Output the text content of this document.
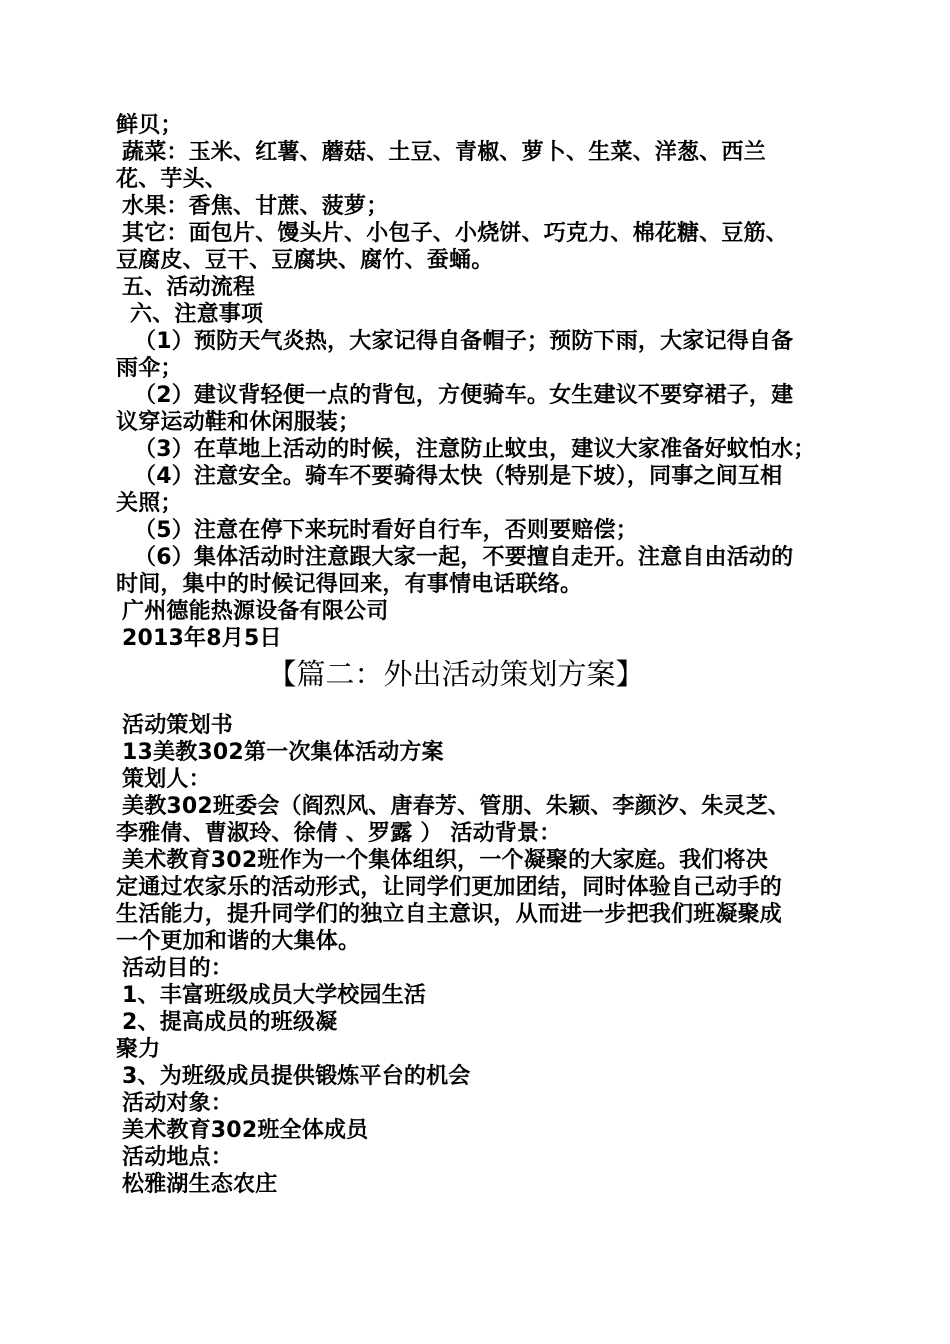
鲜贝；
蔬菜：玉米、红薯、蘑菇、土豆、青椒、萝卜、生菜、洋葱、西兰
花、芋头、
水果：香焦、甘蔗、菠萝；
其它：面包片、馒头片、小包子、小烧饼、巧克力、棉花糖、豆筋、
豆腐皮、豆干、豆腐块、腐竹、蚕蛹。
五、活动流程
六、注意事项
（1）预防天气炎热，大家记得自备帽子；预防下雨，大家记得自备
雨伞；
（2）建议背轻便一点的背包，方便骑车。女生建议不要穿裙子，建
议穿运动鞋和休闲服装；
（3）在草地上活动的时候，注意防止蚊虫，建议大家准备好蚊怕水；
（4）注意安全。骑车不要骑得太快（特别是下坡），同事之间互相
关照；
（5）注意在停下来玩时看好自行车，否则要赔偿；
（6）集体活动时注意跟大家一起，不要擅自走开。注意自由活动的
时间，集中的时候记得回来，有事情电话联络。
广州德能热源设备有限公司
2013年8月5日
【篇二：外出活动策划方案】
活动策划书
13美教302第一次集体活动方案
策划人：
美教302班委会（阎烈风、唐春芳、管朋、朱颖、李颜汐、朱灵芝、
李雅倩、曹淑玲、徐倩 、罗露 ） 活动背景：
美术教育302班作为一个集体组织，一个凝聚的大家庭。我们将决
定通过农家乐的活动形式，让同学们更加团结，同时体验自己动手的
生活能力，提升同学们的独立自主意识，从而进一步把我们班凝聚成
一个更加和谐的大集体。
活动目的：
1、丰富班级成员大学校园生活
2、提高成员的班级凝
聚力
3、为班级成员提供锻炼平台的机会
活动对象：
美术教育302班全体成员
活动地点：
松雅湖生态农庄
